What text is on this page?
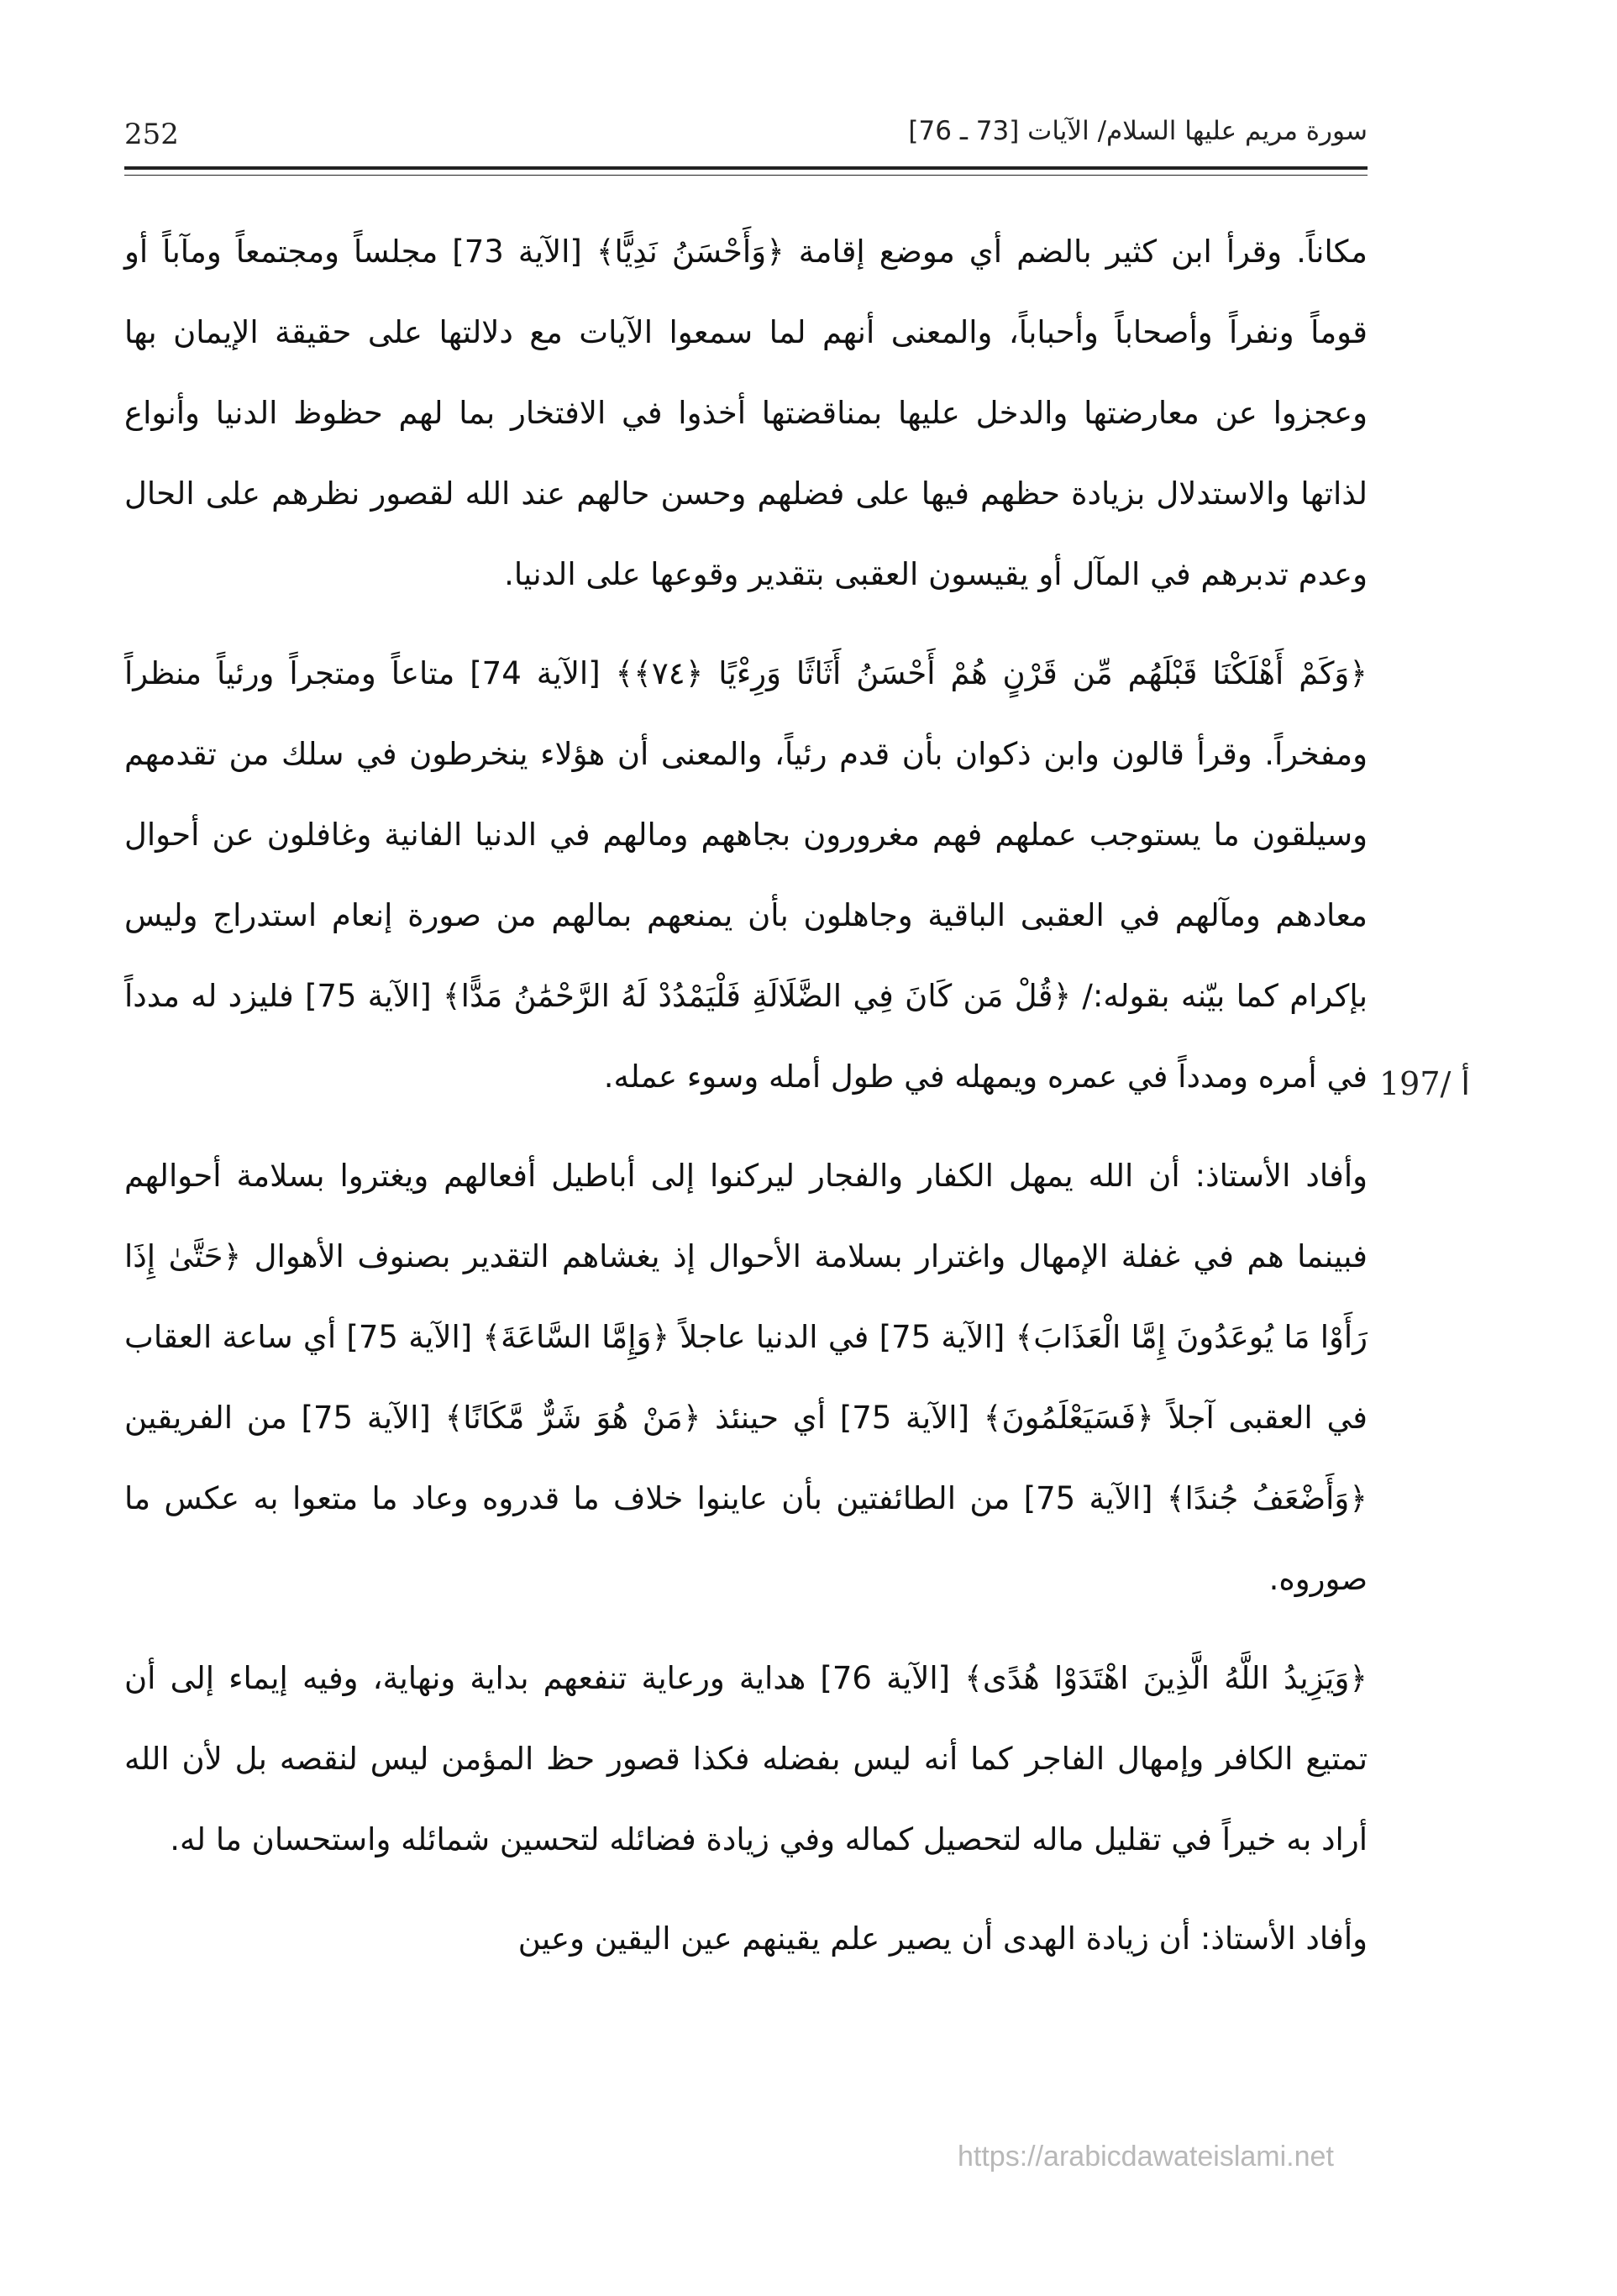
252	سورة مريم عليها السلام/ الآيات [73 ـ 76]

مكاناً. وقرأ ابن كثير بالضم أي موضع إقامة ﴿وَأَحْسَنُ نَدِيًّا﴾ [الآية 73] مجلساً ومجتمعاً ومآباً أو قوماً ونفراً وأصحاباً وأحباباً، والمعنى أنهم لما سمعوا الآيات مع دلالتها على حقيقة الإيمان بها وعجزوا عن معارضتها والدخل عليها بمناقضتها أخذوا في الافتخار بما لهم حظوظ الدنيا وأنواع لذاتها والاستدلال بزيادة حظهم فيها على فضلهم وحسن حالهم عند الله لقصور نظرهم على الحال وعدم تدبرهم في المآل أو يقيسون العقبى بتقدير وقوعها على الدنيا.

﴿وَكَمْ أَهْلَكْنَا قَبْلَهُم مِّن قَرْنٍ هُمْ أَحْسَنُ أَثَاثًا وَرِءْيًا ﴿٧٤﴾﴾ [الآية 74] متاعاً ومتجراً ورئياً منظراً ومفخراً. وقرأ قالون وابن ذكوان بأن قدم رئياً، والمعنى أن هؤلاء ينخرطون في سلك من تقدمهم وسيلقون ما يستوجب عملهم فهم مغرورون بجاههم ومالهم في الدنيا الفانية وغافلون عن أحوال معادهم ومآلهم في العقبى الباقية وجاهلون بأن يمنعهم بمالهم من صورة إنعام استدراج وليس بإكرام كما بيّنه بقوله:/ ﴿قُلْ مَن كَانَ فِي الضَّلَالَةِ فَلْيَمْدُدْ لَهُ الرَّحْمَٰنُ مَدًّا﴾ [الآية 75] فليزد له مدداً في أمره ومدداً في عمره ويمهله في طول أمله وسوء عمله.

وأفاد الأستاذ: أن الله يمهل الكفار والفجار ليركنوا إلى أباطيل أفعالهم ويغتروا بسلامة أحوالهم فبينما هم في غفلة الإمهال واغترار بسلامة الأحوال إذ يغشاهم التقدير بصنوف الأهوال ﴿حَتَّىٰ إِذَا رَأَوْا مَا يُوعَدُونَ إِمَّا الْعَذَابَ﴾ [الآية 75] في الدنيا عاجلاً ﴿وَإِمَّا السَّاعَةَ﴾ [الآية 75] أي ساعة العقاب في العقبى آجلاً ﴿فَسَيَعْلَمُونَ﴾ [الآية 75] أي حينئذ ﴿مَنْ هُوَ شَرٌّ مَّكَانًا﴾ [الآية 75] من الفريقين ﴿وَأَضْعَفُ جُندًا﴾ [الآية 75] من الطائفتين بأن عاينوا خلاف ما قدروه وعاد ما متعوا به عكس ما صوروه.

﴿وَيَزِيدُ اللَّهُ الَّذِينَ اهْتَدَوْا هُدًى﴾ [الآية 76] هداية ورعاية تنفعهم بداية ونهاية، وفيه إيماء إلى أن تمتيع الكافر وإمهال الفاجر كما أنه ليس بفضله فكذا قصور حظ المؤمن ليس لنقصه بل لأن الله أراد به خيراً في تقليل ماله لتحصيل كماله وفي زيادة فضائله لتحسين شمائله واستحسان ما له.

وأفاد الأستاذ: أن زيادة الهدى أن يصير علم يقينهم عين اليقين وعين

197/ أ
https://arabicdawateislami.net
